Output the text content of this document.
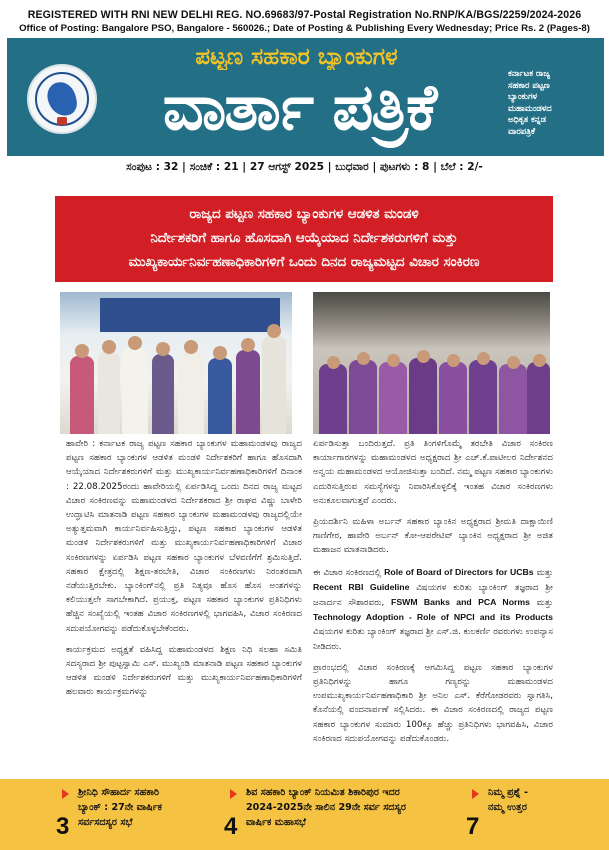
REGISTERED WITH RNI NEW DELHI REG. NO.69683/97-Postal Registration No.RNP/KA/BGS/2259/2024-2026
Office of Posting: Bangalore PSO, Bangalore - 560026.; Date of Posting & Publishing Every Wednesday; Price Rs. 2 (Pages-8)
ಪಟ್ಟಣ ಸಹಕಾರ ಬ್ಯಾಂಕುಗಳ
ವಾರ್ತಾ ಪತ್ರಿಕೆ	ಕರ್ನಾಟಕ ರಾಜ್ಯ
ಸಹಕಾರ ಪಟ್ಟಣ
ಬ್ಯಾಂಕುಗಳ
ಮಹಾಮಂಡಳದ
ಅಧಿಕೃತ ಕನ್ನಡ
ವಾರಪತ್ರಿಕೆ
ಸಂಪುಟ : 32 | ಸಂಚಿಕೆ : 21 | 27 ಆಗಸ್ಟ್ 2025 | ಬುಧವಾರ | ಪುಟಗಳು : 8 | ಬೆಲೆ : 2/-
ರಾಜ್ಯದ ಪಟ್ಟಣ ಸಹಕಾರ ಬ್ಯಾಂಕುಗಳ ಆಡಳಿತ ಮಂಡಳಿ
ನಿರ್ದೇಶಕರಿಗೆ ಹಾಗೂ ಹೊಸದಾಗಿ ಆಯ್ಕೆಯಾದ ನಿರ್ದೇಶಕರುಗಳಿಗೆ ಮತ್ತು
ಮುಖ್ಯಕಾರ್ಯನಿರ್ವಹಣಾಧಿಕಾರಿಗಳಿಗೆ ಒಂದು ದಿನದ ರಾಜ್ಯಮಟ್ಟದ ವಿಚಾರ ಸಂಕಿರಣ

ಹಾವೇರಿ : ಕರ್ನಾಟಕ ರಾಜ್ಯ ಪಟ್ಟಣ ಸಹಕಾರ ಬ್ಯಾಂಕುಗಳ ಮಹಾಮಂಡಳವು ರಾಜ್ಯದ ಪಟ್ಟಣ ಸಹಕಾರ ಬ್ಯಾಂಕುಗಳ ಆಡಳಿತ ಮಂಡಳಿ ನಿರ್ದೇಶಕರಿಗೆ ಹಾಗೂ ಹೊಸದಾಗಿ ಆಯ್ಕೆಯಾದ ನಿರ್ದೇಶಕರುಗಳಿಗೆ ಮತ್ತು ಮುಖ್ಯಕಾರ್ಯನಿರ್ವಹಣಾಧಿಕಾರಿಗಳಿಗೆ ದಿನಾಂಕ : 22.08.2025ರಂದು ಹಾವೇರಿಯಲ್ಲಿ ಏರ್ಪಡಿಸಿದ್ದ ಒಂದು ದಿನದ ರಾಜ್ಯ ಮಟ್ಟದ ವಿಚಾರ ಸಂಕಿರಣವನ್ನು ಮಹಾಮಂಡಳದ ನಿರ್ದೇಶಕರಾದ ಶ್ರೀ ರಾಘವ ವಿಷ್ಣು ಬಾಳೇರಿ ಉದ್ಘಾಟಿಸಿ ಮಾತನಾಡಿ ಪಟ್ಟಣ ಸಹಕಾರ ಬ್ಯಾಂಕುಗಳ ಮಹಾಮಂಡಳವು ರಾಜ್ಯದಲ್ಲಿಯೇ ಅತ್ಯುತ್ತಮವಾಗಿ ಕಾರ್ಯನಿರ್ವಹಿಸುತ್ತಿದ್ದು, ಪಟ್ಟಣ ಸಹಕಾರ ಬ್ಯಾಂಕುಗಳ ಆಡಳಿತ ಮಂಡಳಿ ನಿರ್ದೇಶಕರುಗಳಿಗೆ ಮತ್ತು ಮುಖ್ಯಕಾರ್ಯನಿರ್ವಹಣಾಧಿಕಾರಿಗಳಿಗೆ ವಿಚಾರ ಸಂಕಿರಣಗಳನ್ನು ಏರ್ಪಡಿಸಿ ಪಟ್ಟಣ ಸಹಕಾರ ಬ್ಯಾಂಕುಗಳ ಬೆಳವಣಿಗೆಗೆ ಶ್ರಮಿಸುತ್ತಿದೆ. ಸಹಕಾರ ಕ್ಷೇತ್ರದಲ್ಲಿ ಶಿಕ್ಷಣ-ತರಬೇತಿ, ವಿಚಾರ ಸಂಕಿರಣಗಳು ನಿರಂತರವಾಗಿ ನಡೆಯುತ್ತಿರಬೇಕು. ಬ್ಯಾಂಕಿಂಗ್‌ನಲ್ಲಿ ಪ್ರತಿ ನಿತ್ಯವೂ ಹೊಸ ಹೊಸ ಅಂಶಗಳನ್ನು ಕಲಿಯುತ್ತಲೇ ಸಾಗಬೇಕಾಗಿದೆ. ಪ್ರಯುಕ್ತ, ಪಟ್ಟಣ ಸಹಕಾರ ಬ್ಯಾಂಕುಗಳ ಪ್ರತಿನಿಧಿಗಳು ಹೆಚ್ಚಿನ ಸಂಖ್ಯೆಯಲ್ಲಿ ಇಂತಹ ವಿಚಾರ ಸಂಕಿರಣಗಳಲ್ಲಿ ಭಾಗವಹಿಸಿ, ವಿಚಾರ ಸಂಕಿರಣದ ಸದುಪಯೋಗವನ್ನು ಪಡೆದುಕೊಳ್ಳಬೇಕೆಂದರು.

ಕಾರ್ಯಕ್ರಮದ ಅಧ್ಯಕ್ಷತೆ ವಹಿಸಿದ್ದ ಮಹಾಮಂಡಳದ ಶಿಕ್ಷಣ ನಿಧಿ ಸಲಹಾ ಸಮಿತಿ ಸದಸ್ಯರಾದ ಶ್ರೀ ಪುಟ್ಟಸ್ವಾಮಿ ಎಸ್. ಮುಖ್ಯಂಡಿ ಮಾತನಾಡಿ ಪಟ್ಟಣ ಸಹಕಾರ ಬ್ಯಾಂಕುಗಳ ಆಡಳಿತ ಮಂಡಳಿ ನಿರ್ದೇಶಕರುಗಳಿಗೆ ಮತ್ತು ಮುಖ್ಯಕಾರ್ಯನಿರ್ವಹಣಾಧಿಕಾರಿಗಳಿಗೆ ಹಲವಾರು ಕಾರ್ಯಕ್ರಮಗಳನ್ನು

ಏರ್ಪಡಿಸುತ್ತಾ ಬಂದಿರುತ್ತದೆ. ಪ್ರತಿ ತಿಂಗಳಿಗೊಮ್ಮೆ ತರಬೇತಿ ವಿಚಾರ ಸಂಕಿರಣ ಕಾರ್ಯಾಗಾರಗಳನ್ನು ಮಹಾಮಂಡಳದ ಅಧ್ಯಕ್ಷರಾದ ಶ್ರೀ ಎಚ್.ಕೆ.ಪಾಟೀಲರ ನಿರ್ದೇಶನದ ಅನ್ವಯ ಮಹಾಮಂಡಳದ ಆಯೋಜಿಸುತ್ತಾ ಬಂದಿದೆ. ನಮ್ಮ ಪಟ್ಟಣ ಸಹಕಾರ ಬ್ಯಾಂಕುಗಳು ಎದುರಿಸುತ್ತಿರುವ ಸಮಸ್ಯೆಗಳನ್ನು ನಿವಾರಿಸಿಕೊಳ್ಳಲಿಕ್ಕೆ ಇಂತಹ ವಿಚಾರ ಸಂಕಿರಣಗಳು ಅನುಕೂಲವಾಗುತ್ತವೆ ಎಂದರು.

ಪ್ರಿಯದರ್ಶಿನಿ ಮಹಿಳಾ ಅರ್ಬನ್ ಸಹಕಾರ ಬ್ಯಾಂಕಿನ ಅಧ್ಯಕ್ಷರಾದ ಶ್ರೀಮತಿ ದಾಕ್ಷಾಯಿಣಿ ಗಾಣಿಗೇರ, ಹಾವೇರಿ ಅರ್ಬನ್ ಕೋ-ಆಪರೇಟಿವ್ ಬ್ಯಾಂಕಿನ ಅಧ್ಯಕ್ಷರಾದ ಶ್ರೀ ಅಜಿತ ಮಹಾಜನ ಮಾತನಾಡಿದರು.

ಈ ವಿಚಾರ ಸಂಕಿರಣದಲ್ಲಿ Role of Board of Directors for UCBs ಮತ್ತು Recent RBI Guideline ವಿಷಯಗಳ ಕುರಿತು ಬ್ಯಾಂಕಿಂಗ್ ತಜ್ಞರಾದ ಶ್ರೀ ಜನಾರ್ದನ ಸೌಶಾರವರು, FSWM Banks and PCA Norms ಮತ್ತು Technology Adoption - Role of NPCI and its Products ವಿಷಯಗಳ ಕುರಿತು ಬ್ಯಾಂಕಿಂಗ್ ತಜ್ಞರಾದ ಶ್ರೀ ಎಸ್.ಜಿ. ಕುಲಕರ್ಣಿ ರವರುಗಳು ಉಪನ್ಯಾಸ ನೀಡಿದರು.

ಪ್ರಾರಂಭದಲ್ಲಿ ವಿಚಾರ ಸಂಕಿರಣಕ್ಕೆ ಆಗಮಿಸಿದ್ದ ಪಟ್ಟಣ ಸಹಕಾರ ಬ್ಯಾಂಕುಗಳ ಪ್ರತಿನಿಧಿಗಳನ್ನು ಹಾಗೂ ಗಣ್ಯರನ್ನು ಮಹಾಮಂಡಳದ ಉಪಮುಖ್ಯಕಾರ್ಯನಿರ್ವಹಣಾಧಿಕಾರಿ ಶ್ರೀ ಅನಿಲ ಎಸ್. ಕೆರೆಗೋಡರವರು ಸ್ವಾಗತಿಸಿ, ಕೊನೆಯಲ್ಲಿ ವಂದನಾರ್ಪಣೆ ಸಲ್ಲಿಸಿದರು. ಈ ವಿಚಾರ ಸಂಕಿರಣದಲ್ಲಿ ರಾಜ್ಯದ ಪಟ್ಟಣ ಸಹಕಾರ ಬ್ಯಾಂಕುಗಳ ಸುಮಾರು 100ಕ್ಕೂ ಹೆಚ್ಚು ಪ್ರತಿನಿಧಿಗಳು ಭಾಗವಹಿಸಿ, ವಿಚಾರ ಸಂಕಿರಣದ ಸದುಪಯೋಗವನ್ನು ಪಡೆದುಕೊಂಡರು.

3
ಶ್ರೀನಿಧಿ ಸೌಹಾರ್ದ ಸಹಕಾರಿ
ಬ್ಯಾಂಕ್‌ : 27ನೇ ವಾರ್ಷಿಕ
ಸರ್ವಸದಸ್ಯರ ಸಭೆ	4
ಶಿವ ಸಹಕಾರಿ ಬ್ಯಾಂಕ್ ನಿಯಮಿತ ಶಿಕಾರಿಪುರ ಇದರ
2024-2025ನೇ ಸಾಲಿನ 29ನೇ ಸರ್ವ ಸದಸ್ಯರ
ವಾರ್ಷಿಕ ಮಹಾಸಭೆ	7
ನಿಮ್ಮ ಪ್ರಶ್ನೆ -
ನಮ್ಮ ಉತ್ತರ
